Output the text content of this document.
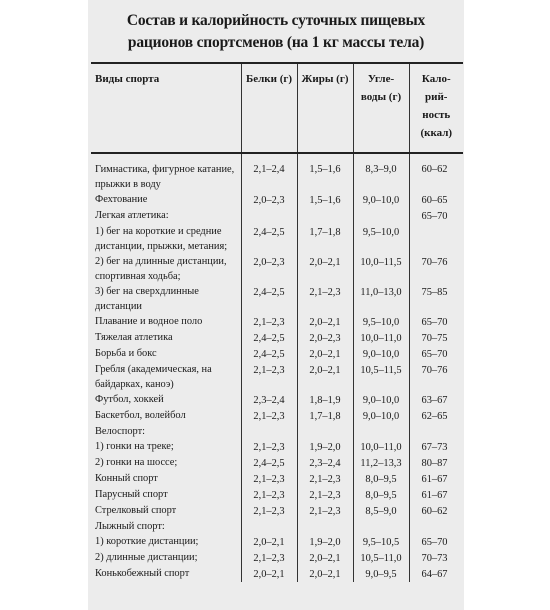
Состав и калорийность суточных пищевых
рационов спортсменов (на 1 кг массы тела)
Виды спорта	Белки (г)	Жиры (г)	Угле-воды (г)	Кало-рий-ность (ккал)
Гимнастика, фигурное катание, прыжки в воду	2,1–2,4	1,5–1,6	8,3–9,0	60–62
Фехтование	2,0–2,3	1,5–1,6	9,0–10,0	60–65
Легкая атлетика:				65–70
1) бег на короткие и средние дистанции, прыжки, метания;	2,4–2,5	1,7–1,8	9,5–10,0	
2) бег на длинные дистанции, спортивная ходьба;	2,0–2,3	2,0–2,1	10,0–11,5	70–76
3) бег на сверхдлинные дистанции	2,4–2,5	2,1–2,3	11,0–13,0	75–85
Плавание и водное поло	2,1–2,3	2,0–2,1	9,5–10,0	65–70
Тяжелая атлетика	2,4–2,5	2,0–2,3	10,0–11,0	70–75
Борьба и бокс	2,4–2,5	2,0–2,1	9,0–10,0	65–70
Гребля (академическая, на байдарках, каноэ)	2,1–2,3	2,0–2,1	10,5–11,5	70–76
Футбол, хоккей	2,3–2,4	1,8–1,9	9,0–10,0	63–67
Баскетбол, волейбол	2,1–2,3	1,7–1,8	9,0–10,0	62–65
Велоспорт:				
1) гонки на треке;	2,1–2,3	1,9–2,0	10,0–11,0	67–73
2) гонки на шоссе;	2,4–2,5	2,3–2,4	11,2–13,3	80–87
Конный спорт	2,1–2,3	2,1–2,3	8,0–9,5	61–67
Парусный спорт	2,1–2,3	2,1–2,3	8,0–9,5	61–67
Стрелковый спорт	2,1–2,3	2,1–2,3	8,5–9,0	60–62
Лыжный спорт:				
1) короткие дистанции;	2,0–2,1	1,9–2,0	9,5–10,5	65–70
2) длинные дистанции;	2,1–2,3	2,0–2,1	10,5–11,0	70–73
Конькобежный спорт	2,0–2,1	2,0–2,1	9,0–9,5	64–67
